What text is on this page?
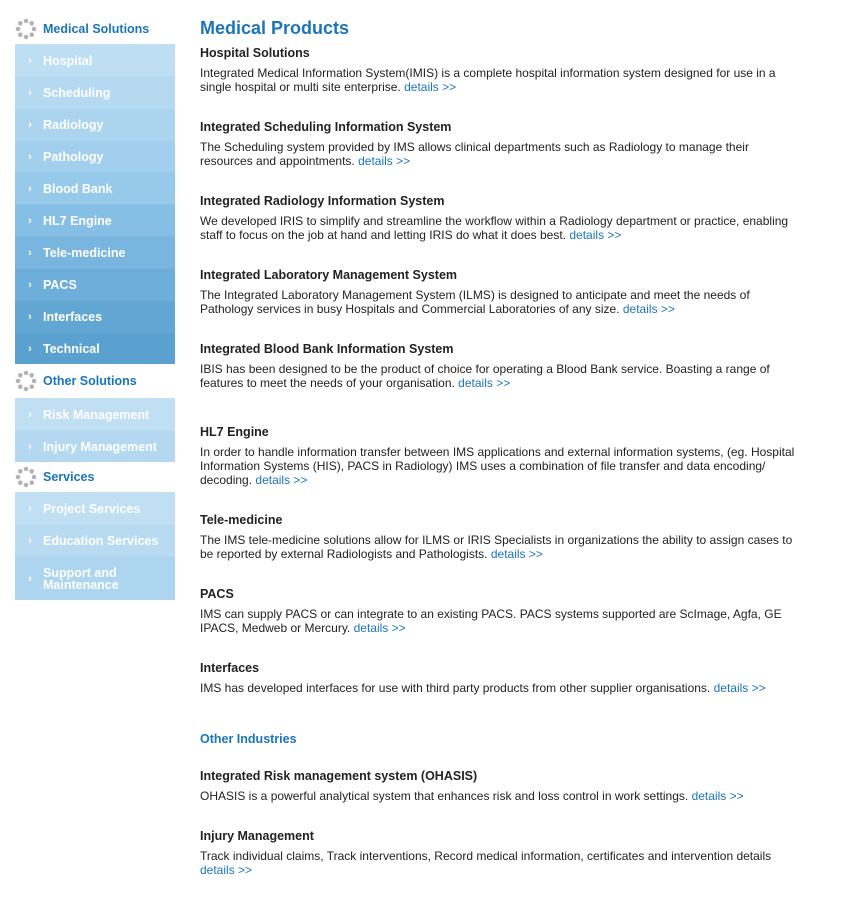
Medical Solutions
› Hospital
› Scheduling
› Radiology
› Pathology
› Blood Bank
› HL7 Engine
› Tele-medicine
› PACS
› Interfaces
› Technical
Other Solutions
› Risk Management
› Injury Management
Services
› Project Services
› Education Services
› Support and Maintenance
Medical Products

Hospital Solutions

Integrated Medical Information System(IMIS) is a complete hospital information system designed for use in a single hospital or multi site enterprise. details >>

Integrated Scheduling Information System

The Scheduling system provided by IMS allows clinical departments such as Radiology to manage their resources and appointments. details >>

Integrated Radiology Information System

We developed IRIS to simplify and streamline the workflow within a Radiology department or practice, enabling staff to focus on the job at hand and letting IRIS do what it does best. details >>

Integrated Laboratory Management System

The Integrated Laboratory Management System (ILMS) is designed to anticipate and meet the needs of Pathology services in busy Hospitals and Commercial Laboratories of any size. details >>

Integrated Blood Bank Information System

IBIS has been designed to be the product of choice for operating a Blood Bank service. Boasting a range of features to meet the needs of your organisation. details >>

HL7 Engine

In order to handle information transfer between IMS applications and external information systems, (eg. Hospital Information Systems (HIS), PACS in Radiology) IMS uses a combination of file transfer and data encoding/ decoding. details >>

Tele-medicine

The IMS tele-medicine solutions allow for ILMS or IRIS Specialists in organizations the ability to assign cases to be reported by external Radiologists and Pathologists. details >>

PACS

IMS can supply PACS or can integrate to an existing PACS. PACS systems supported are ScImage, Agfa, GE IPACS, Medweb or Mercury. details >>

Interfaces

IMS has developed interfaces for use with third party products from other supplier organisations. details >>

Other Industries

Integrated Risk management system (OHASIS)

OHASIS is a powerful analytical system that enhances risk and loss control in work settings. details >>

Injury Management

Track individual claims, Track interventions, Record medical information, certificates and intervention details details >>
